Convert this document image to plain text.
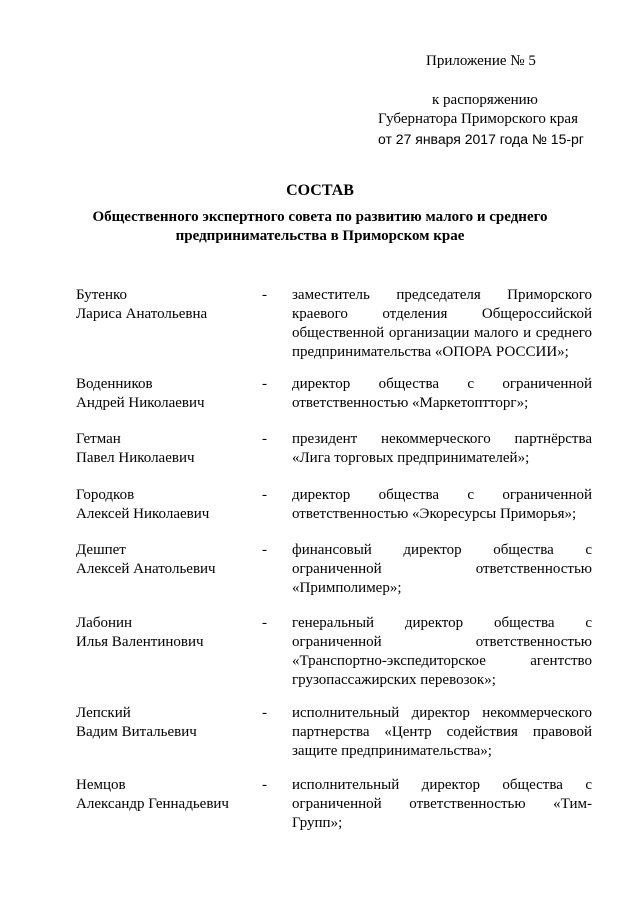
Приложение № 5
к распоряжению
Губернатора Приморского края
от 27 января 2017 года № 15-рг
СОСТАВ
Общественного экспертного совета по развитию малого и среднего
предпринимательства в Приморском крае
Бутенко
Лариса Анатольевна
- заместитель председателя Приморского краевого отделения Общероссийской общественной организации малого и среднего предпринимательства «ОПОРА РОССИИ»;
Воденников
Андрей Николаевич
- директор общества с ограниченной ответственностью «Маркетоптторг»;
Гетман
Павел Николаевич
- президент некоммерческого партнёрства «Лига торговых предпринимателей»;
Городков
Алексей Николаевич
- директор общества с ограниченной ответственностью «Экоресурсы Приморья»;
Дешпет
Алексей Анатольевич
- финансовый директор общества с ограниченной ответственностью «Примполимер»;
Лабонин
Илья Валентинович
- генеральный директор общества с ограниченной ответственностью «Транспортно-экспедиторское агентство грузопассажирских перевозок»;
Лепский
Вадим Витальевич
- исполнительный директор некоммерческого партнерства «Центр содействия правовой защите предпринимательства»;
Немцов
Александр Геннадьевич
- исполнительный директор общества с ограниченной ответственностью «Тим-Групп»;
